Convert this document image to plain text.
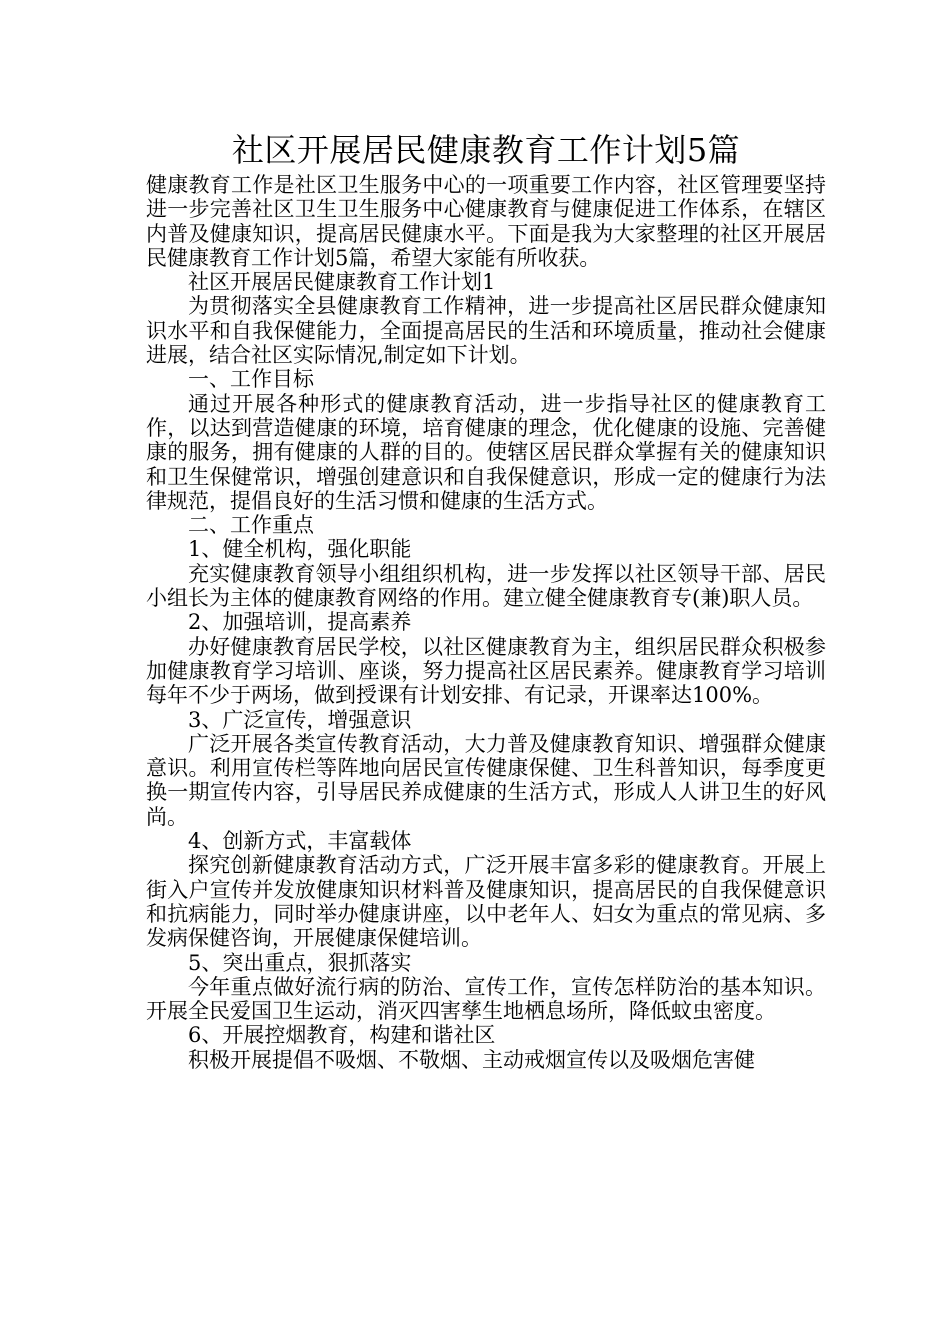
社区开展居民健康教育工作计划5篇

健康教育工作是社区卫生服务中心的一项重要工作内容，社区管理要坚持进一步完善社区卫生卫生服务中心健康教育与健康促进工作体系，在辖区内普及健康知识，提高居民健康水平。下面是我为大家整理的社区开展居民健康教育工作计划5篇，希望大家能有所收获。

社区开展居民健康教育工作计划1

为贯彻落实全县健康教育工作精神，进一步提高社区居民群众健康知识水平和自我保健能力，全面提高居民的生活和环境质量，推动社会健康进展，结合社区实际情况,制定如下计划。

一、工作目标

通过开展各种形式的健康教育活动，进一步指导社区的健康教育工作，以达到营造健康的环境，培育健康的理念，优化健康的设施、完善健康的服务，拥有健康的人群的目的。使辖区居民群众掌握有关的健康知识和卫生保健常识，增强创建意识和自我保健意识，形成一定的健康行为法律规范，提倡良好的生活习惯和健康的生活方式。

二、工作重点

1、健全机构，强化职能

充实健康教育领导小组组织机构，进一步发挥以社区领导干部、居民小组长为主体的健康教育网络的作用。建立健全健康教育专(兼)职人员。

2、加强培训，提高素养

办好健康教育居民学校，以社区健康教育为主，组织居民群众积极参加健康教育学习培训、座谈，努力提高社区居民素养。健康教育学习培训每年不少于两场，做到授课有计划安排、有记录，开课率达100%。

3、广泛宣传，增强意识

广泛开展各类宣传教育活动，大力普及健康教育知识、增强群众健康意识。利用宣传栏等阵地向居民宣传健康保健、卫生科普知识，每季度更换一期宣传内容，引导居民养成健康的生活方式，形成人人讲卫生的好风尚。

4、创新方式，丰富载体

探究创新健康教育活动方式，广泛开展丰富多彩的健康教育。开展上街入户宣传并发放健康知识材料普及健康知识，提高居民的自我保健意识和抗病能力，同时举办健康讲座，以中老年人、妇女为重点的常见病、多发病保健咨询，开展健康保健培训。

5、突出重点，狠抓落实

今年重点做好流行病的防治、宣传工作，宣传怎样防治的基本知识。开展全民爱国卫生运动，消灭四害孳生地栖息场所，降低蚊虫密度。

6、开展控烟教育，构建和谐社区

积极开展提倡不吸烟、不敬烟、主动戒烟宣传以及吸烟危害健
